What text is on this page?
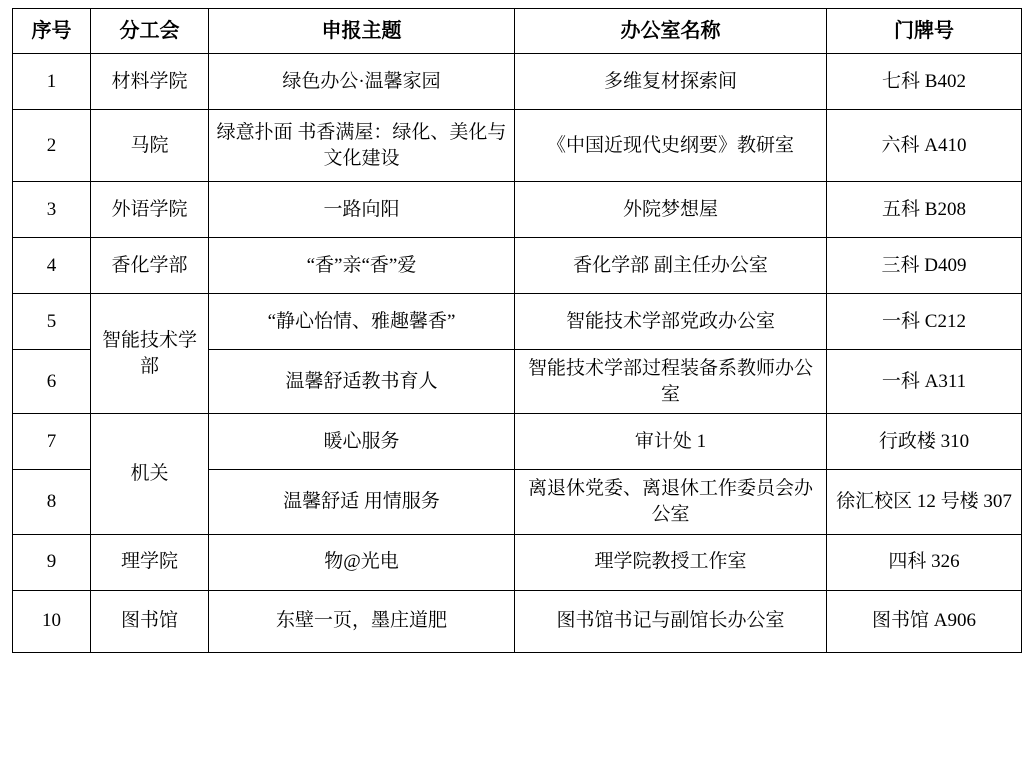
序号	分工会	申报主题	办公室名称	门牌号
1	材料学院	绿色办公·温馨家园	多维复材探索间	七科 B402
2	马院	绿意扑面 书香满屋：绿化、美化与文化建设	《中国近现代史纲要》教研室	六科 A410
3	外语学院	一路向阳	外院梦想屋	五科 B208
4	香化学部	“香”亲“香”爱	香化学部 副主任办公室	三科 D409
5	智能技术学部	“静心怡情、雅趣馨香”	智能技术学部党政办公室	一科 C212
6		温馨舒适教书育人	智能技术学部过程装备系教师办公室	一科 A311
7	机关	暖心服务	审计处 1	行政楼 310
8		温馨舒适 用情服务	离退休党委、离退休工作委员会办公室	徐汇校区 12 号楼 307
9	理学院	物@光电	理学院教授工作室	四科 326
10	图书馆	东壁一页，墨庄道肥	图书馆书记与副馆长办公室	图书馆 A906
